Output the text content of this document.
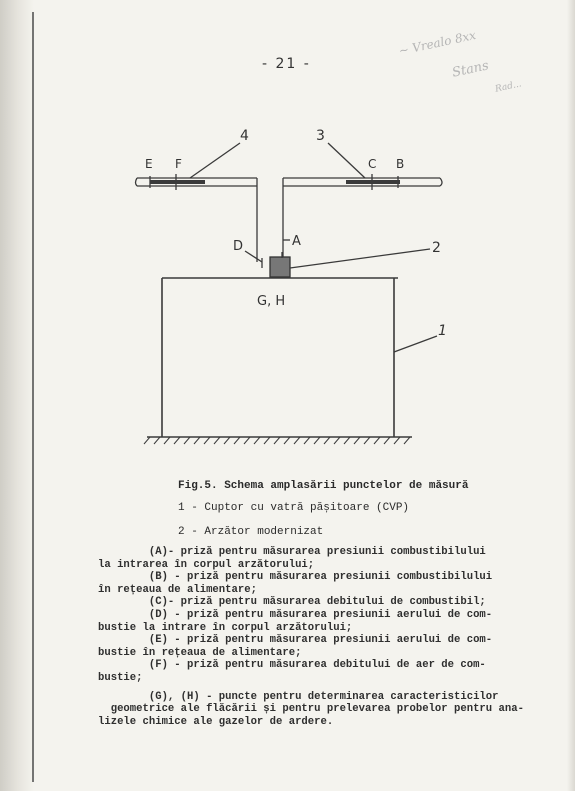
- 21 -
~ Vrealo 8xx
Stans
Rad...
4	3
E F	C B
D	A	2
G, H
1
Fig.5. Schema amplasării punctelor de măsură
1 - Cuptor cu vatră pășitoare (CVP)
2 - Arzător modernizat

(A)- priză pentru măsurarea presiunii combustibilului

la intrarea în corpul arzătorului;

(B) - priză pentru măsurarea presiunii combustibilului

în rețeaua de alimentare;

(C)- priză pentru măsurarea debitului de combustibil;

(D) - priză pentru măsurarea presiunii aerului de com-

bustie la intrare în corpul arzătorului;

(E) - priză pentru măsurarea presiunii aerului de com-

bustie în rețeaua de alimentare;

(F) - priză pentru măsurarea debitului de aer de com-

bustie;

(G), (H) - puncte pentru determinarea caracteristicilor

geometrice ale flăcării și pentru prelevarea probelor pentru ana-

lizele chimice ale gazelor de ardere.
